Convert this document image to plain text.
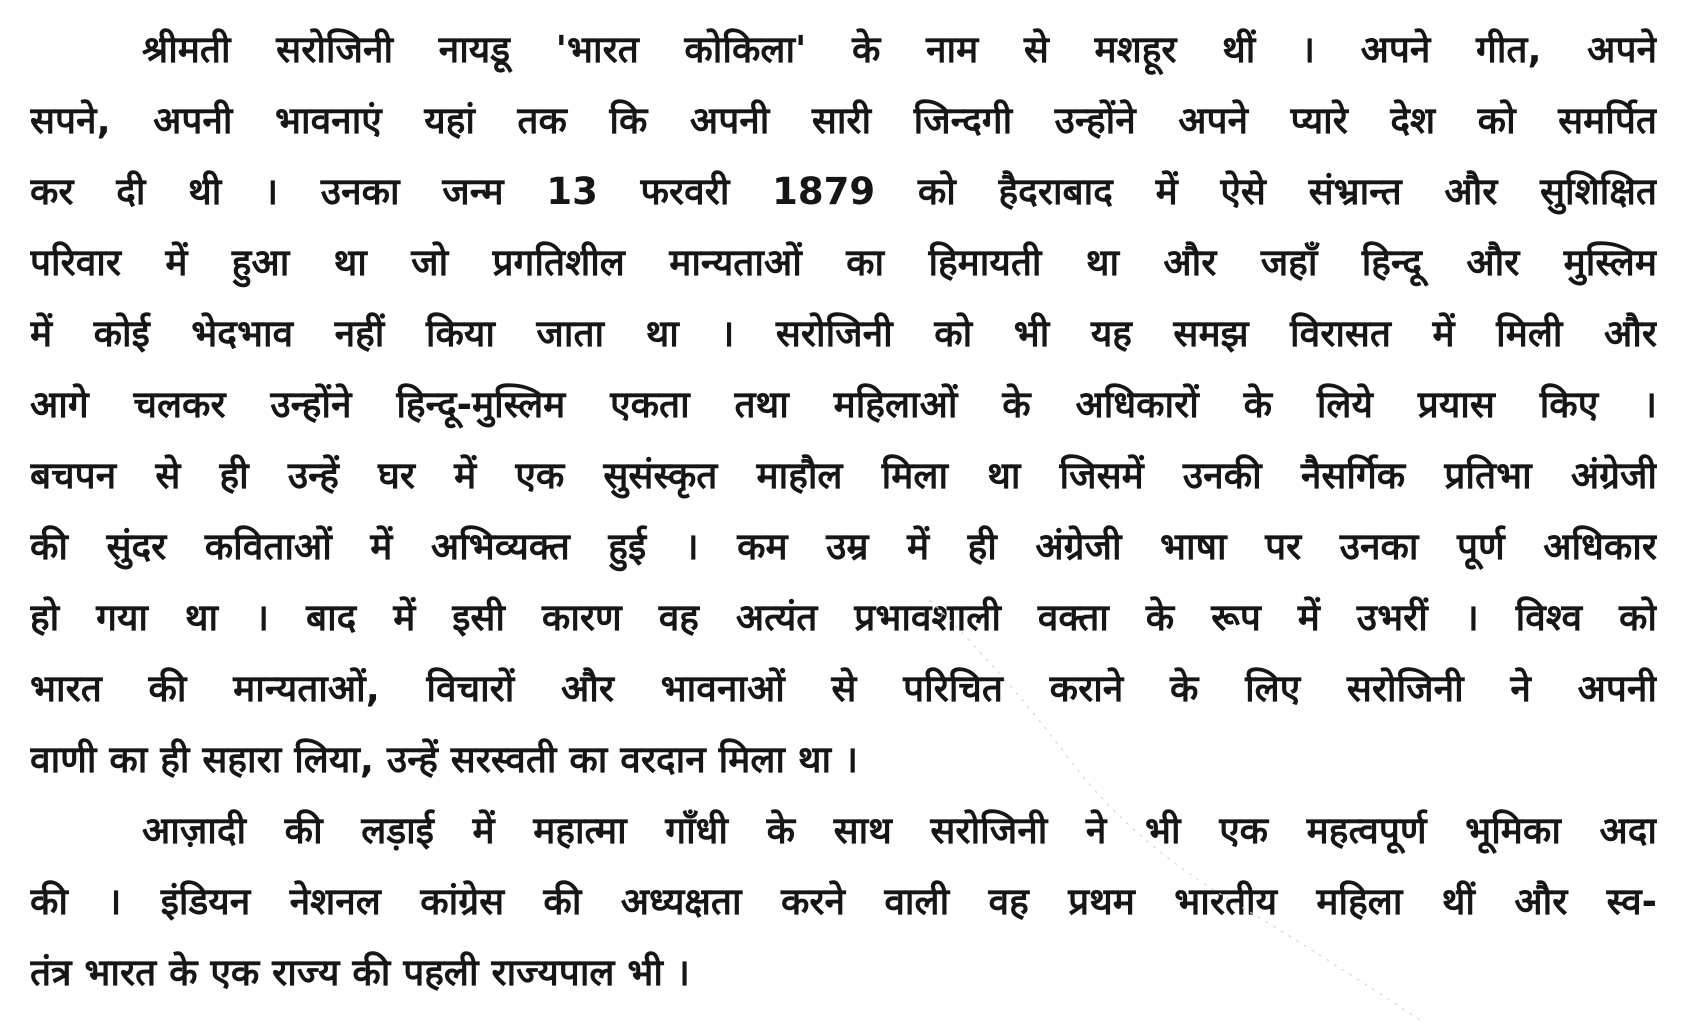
श्रीमती सरोजिनी नायडू 'भारत कोकिला' के नाम से मशहूर थीं । अपने गीत, अपने
सपने, अपनी भावनाएं यहां तक कि अपनी सारी जिन्दगी उन्होंने अपने प्यारे देश को समर्पित
कर दी थी । उनका जन्म 13 फरवरी 1879 को हैदराबाद में ऐसे संभ्रान्त और सुशिक्षित
परिवार में हुआ था जो प्रगतिशील मान्यताओं का हिमायती था और जहाँ हिन्दू और मुस्लिम
में कोई भेदभाव नहीं किया जाता था । सरोजिनी को भी यह समझ विरासत में मिली और
आगे चलकर उन्होंने हिन्दू-मुस्लिम एकता तथा महिलाओं के अधिकारों के लिये प्रयास किए ।
बचपन से ही उन्हें घर में एक सुसंस्कृत माहौल मिला था जिसमें उनकी नैसर्गिक प्रतिभा अंग्रेजी
की सुंदर कविताओं में अभिव्यक्त हुई । कम उम्र में ही अंग्रेजी भाषा पर उनका पूर्ण अधिकार
हो गया था । बाद में इसी कारण वह अत्यंत प्रभावशाली वक्ता के रूप में उभरीं । विश्व को
भारत की मान्यताओं, विचारों और भावनाओं से परिचित कराने के लिए सरोजिनी ने अपनी
वाणी का ही सहारा लिया, उन्हें सरस्वती का वरदान मिला था ।
आज़ादी की लड़ाई में महात्मा गाँधी के साथ सरोजिनी ने भी एक महत्वपूर्ण भूमिका अदा
की । इंडियन नेशनल कांग्रेस की अध्यक्षता करने वाली वह प्रथम भारतीय महिला थीं और स्व-
तंत्र भारत के एक राज्य की पहली राज्यपाल भी ।
